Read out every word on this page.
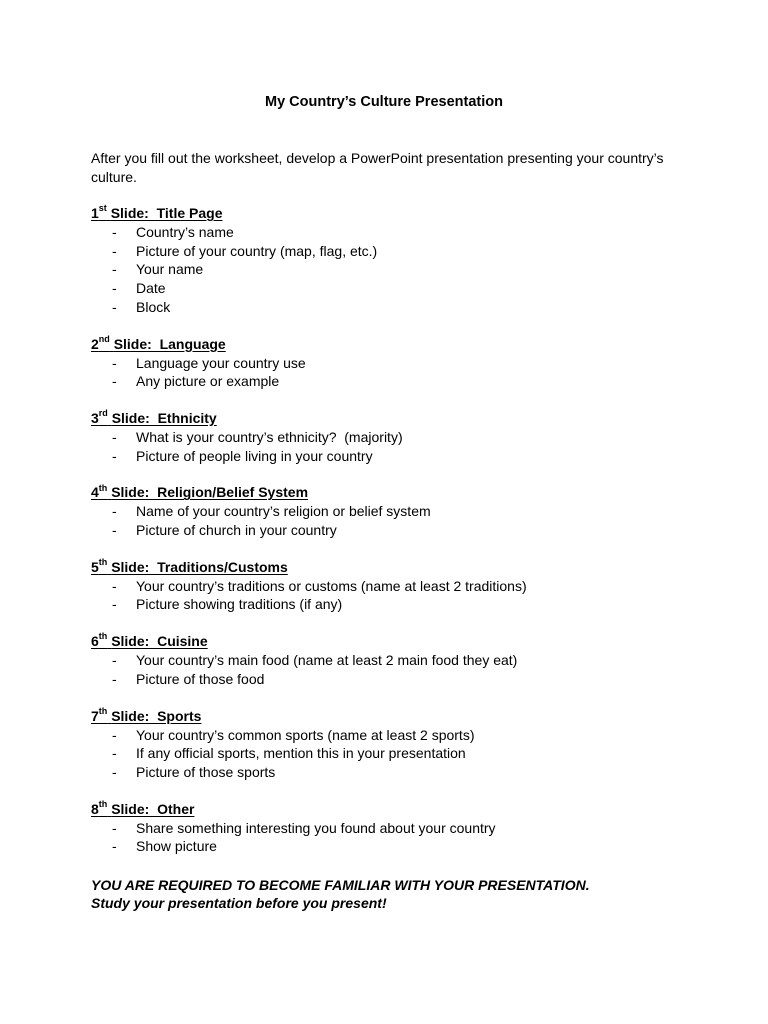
My Country’s Culture Presentation
After you fill out the worksheet, develop a PowerPoint presentation presenting your country’s culture.
1st Slide:  Title Page
- Country’s name
- Picture of your country (map, flag, etc.)
- Your name
- Date
- Block
2nd Slide:  Language
- Language your country use
- Any picture or example
3rd Slide:  Ethnicity
- What is your country’s ethnicity?  (majority)
- Picture of people living in your country
4th Slide:  Religion/Belief System
- Name of your country’s religion or belief system
- Picture of church in your country
5th Slide:  Traditions/Customs
- Your country’s traditions or customs (name at least 2 traditions)
- Picture showing traditions (if any)
6th Slide:  Cuisine
- Your country’s main food (name at least 2 main food they eat)
- Picture of those food
7th Slide:  Sports
- Your country’s common sports (name at least 2 sports)
- If any official sports, mention this in your presentation
- Picture of those sports
8th Slide:  Other
- Share something interesting you found about your country
- Show picture
YOU ARE REQUIRED TO BECOME FAMILIAR WITH YOUR PRESENTATION.
Study your presentation before you present!
